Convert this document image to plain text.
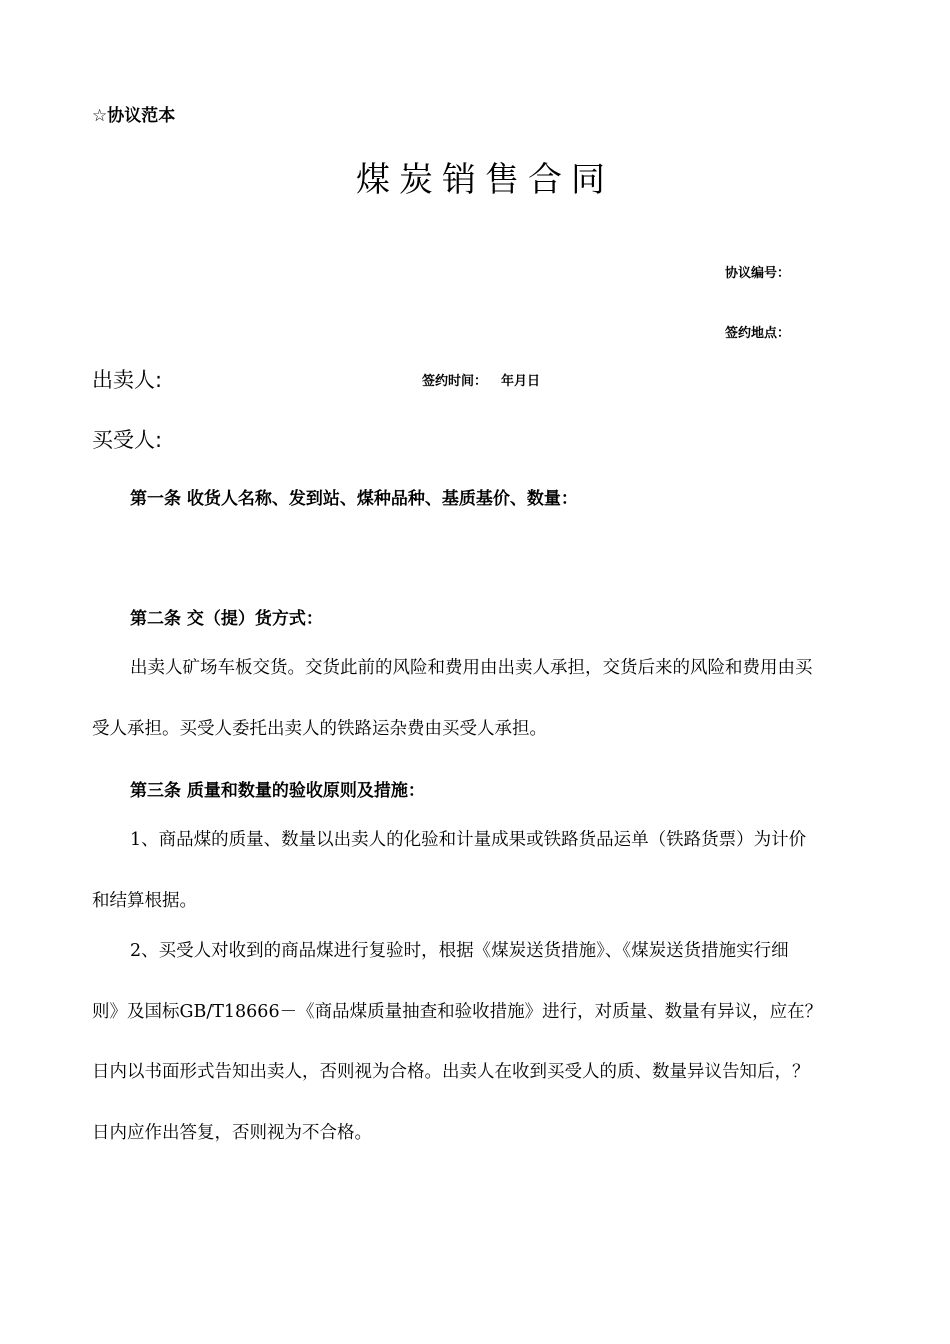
☆协议范本
煤炭销售合同
协议编号：
签约地点：
出卖人:	签约时间： 年月日
买受人:
第一条 收货人名称、发到站、煤种品种、基质基价、数量：
第二条 交（提）货方式：
出卖人矿场车板交货。交货此前的风险和费用由出卖人承担，交货后来的风险和费用由买
受人承担。买受人委托出卖人的铁路运杂费由买受人承担。
第三条 质量和数量的验收原则及措施：
1、商品煤的质量、数量以出卖人的化验和计量成果或铁路货品运单（铁路货票）为计价
和结算根据。
2、买受人对收到的商品煤进行复验时，根据《煤炭送货措施》、《煤炭送货措施实行细
则》及国标GB/T18666－《商品煤质量抽查和验收措施》进行，对质量、数量有异议，应在？
日内以书面形式告知出卖人，否则视为合格。出卖人在收到买受人的质、数量异议告知后，？
日内应作出答复，否则视为不合格。
